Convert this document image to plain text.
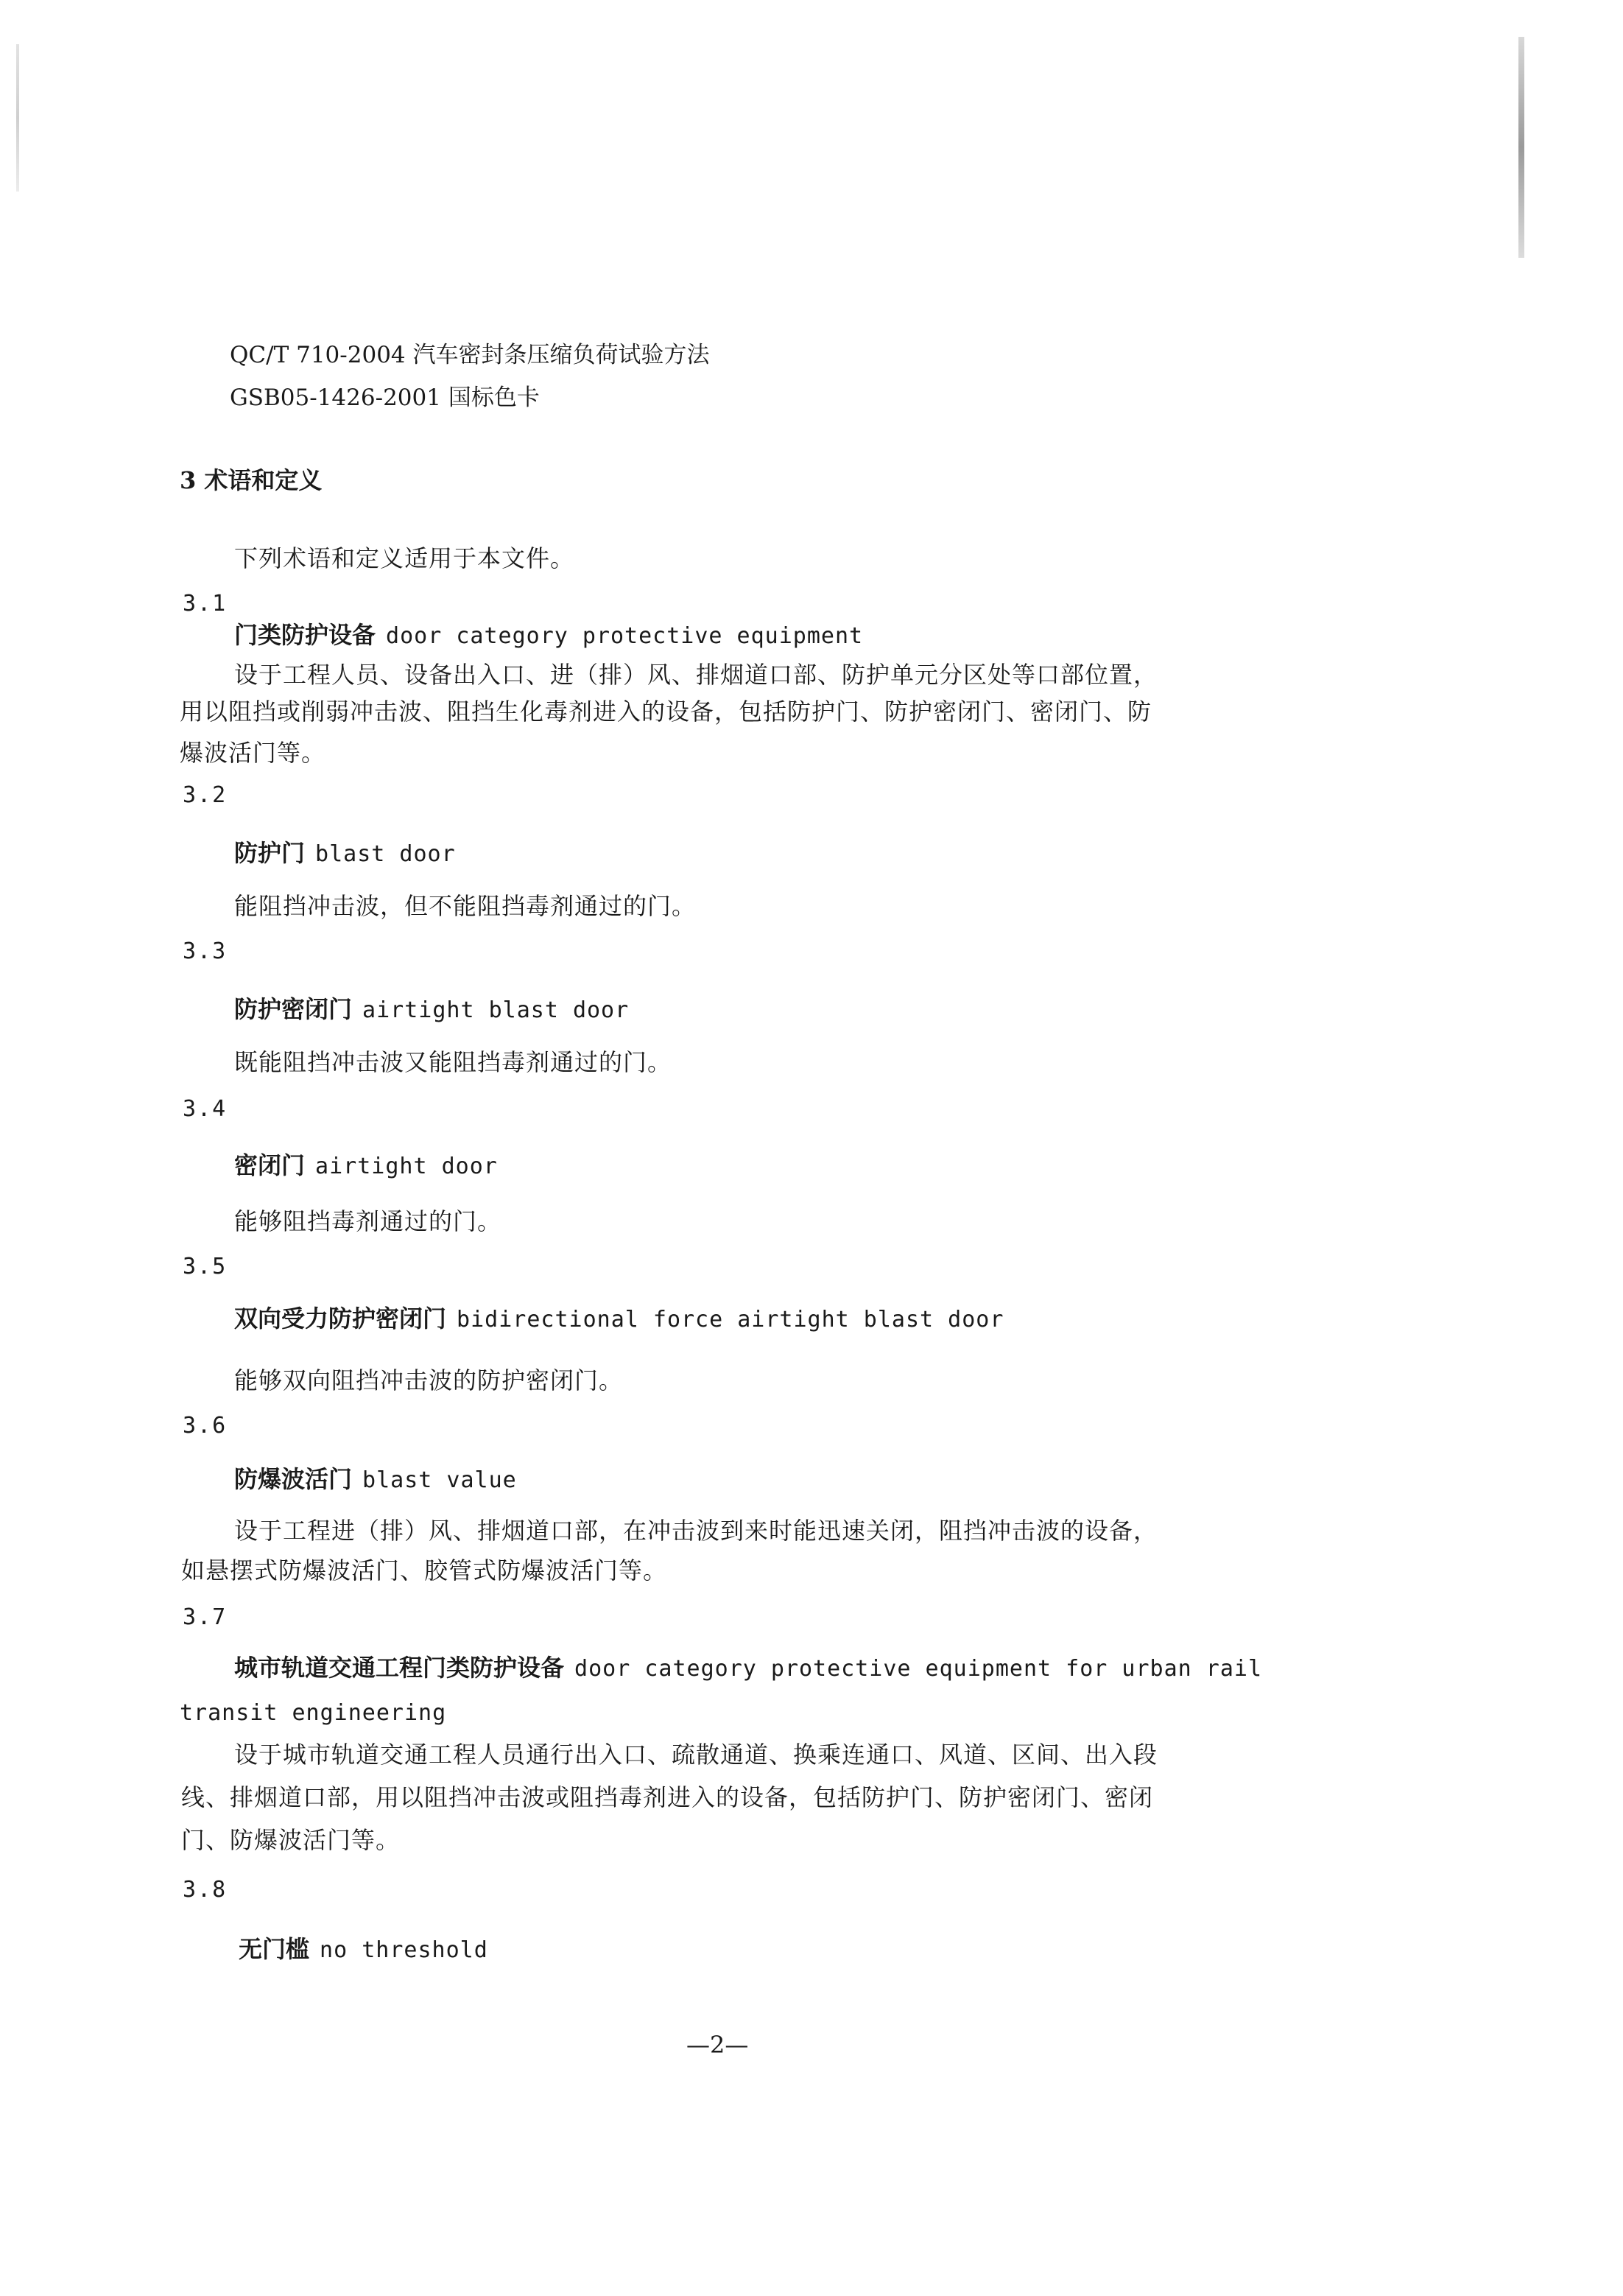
QC/T 710-2004 汽车密封条压缩负荷试验方法
GSB05-1426-2001 国标色卡
3 术语和定义
下列术语和定义适用于本文件。
3.1
门类防护设备 door category protective equipment
设于工程人员、设备出入口、进（排）风、排烟道口部、防护单元分区处等口部位置，
用以阻挡或削弱冲击波、阻挡生化毒剂进入的设备，包括防护门、防护密闭门、密闭门、防
爆波活门等。
3.2
防护门 blast door
能阻挡冲击波，但不能阻挡毒剂通过的门。
3.3
防护密闭门 airtight blast door
既能阻挡冲击波又能阻挡毒剂通过的门。
3.4
密闭门 airtight door
能够阻挡毒剂通过的门。
3.5
双向受力防护密闭门 bidirectional force airtight blast door
能够双向阻挡冲击波的防护密闭门。
3.6
防爆波活门 blast value
设于工程进（排）风、排烟道口部，在冲击波到来时能迅速关闭，阻挡冲击波的设备，
如悬摆式防爆波活门、胶管式防爆波活门等。
3.7
城市轨道交通工程门类防护设备 door category protective equipment for urban rail
transit engineering
设于城市轨道交通工程人员通行出入口、疏散通道、换乘连通口、风道、区间、出入段
线、排烟道口部，用以阻挡冲击波或阻挡毒剂进入的设备，包括防护门、防护密闭门、密闭
门、防爆波活门等。
3.8
无门槛 no threshold
—2—
